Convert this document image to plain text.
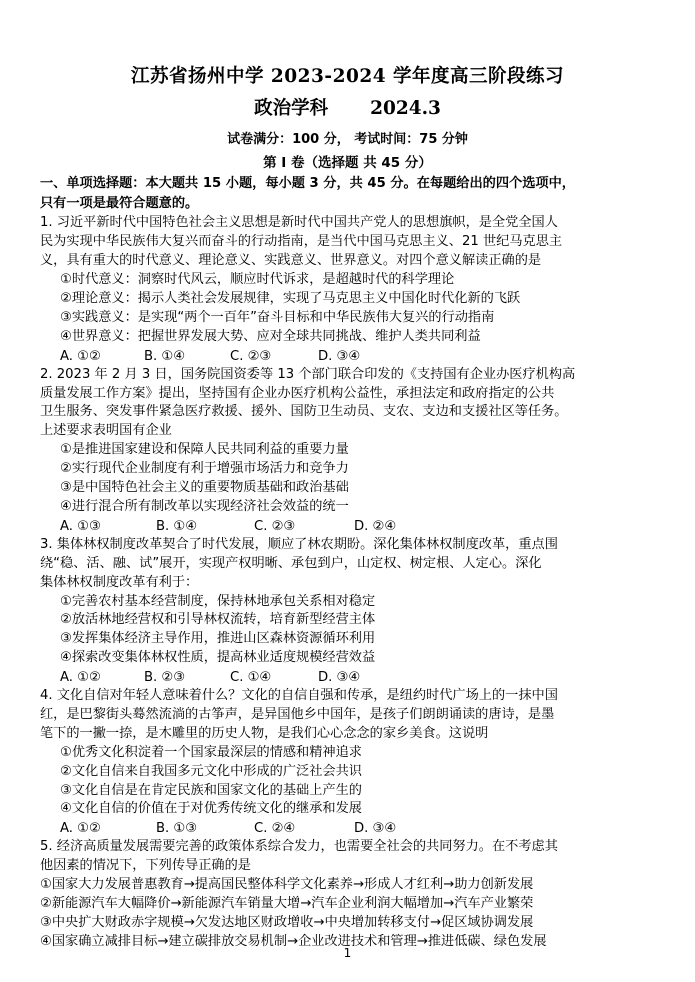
江苏省扬州中学 2023-2024 学年度高三阶段练习
政治学科 2024.3
试卷满分：100 分， 考试时间：75 分钟
第 Ⅰ 卷（选择题 共 45 分）
一、单项选择题：本大题共 15 小题，每小题 3 分，共 45 分。在每题给出的四个选项中，
只有一项是最符合题意的。

1. 习近平新时代中国特色社会主义思想是新时代中国共产党人的思想旗帜，是全党全国人

民为实现中华民族伟大复兴而奋斗的行动指南，是当代中国马克思主义、21 世纪马克思主

义，具有重大的时代意义、理论意义、实践意义、世界意义。对四个意义解读正确的是

①时代意义：洞察时代风云，顺应时代诉求，是超越时代的科学理论

②理论意义：揭示人类社会发展规律，实现了马克思主义中国化时代化新的飞跃

③实践意义：是实现“两个一百年”奋斗目标和中华民族伟大复兴的行动指南

④世界意义：把握世界发展大势、应对全球共同挑战、维护人类共同利益

A. ①②	B. ①④	C. ②③	D. ③④

2. 2023 年 2 月 3 日，国务院国资委等 13 个部门联合印发的《支持国有企业办医疗机构高

质量发展工作方案》提出，坚持国有企业办医疗机构公益性，承担法定和政府指定的公共

卫生服务、突发事件紧急医疗救援、援外、国防卫生动员、支农、支边和支援社区等任务。

上述要求表明国有企业

①是推进国家建设和保障人民共同利益的重要力量

②实行现代企业制度有利于增强市场活力和竞争力

③是中国特色社会主义的重要物质基础和政治基础

④进行混合所有制改革以实现经济社会效益的统一

A. ①③	B. ①④	C. ②③	D. ②④

3. 集体林权制度改革契合了时代发展，顺应了林农期盼。深化集体林权制度改革，重点围

绕“稳、活、融、试”展开，实现产权明晰、承包到户，山定权、树定根、人定心。深化

集体林权制度改革有利于：

①完善农村基本经营制度，保持林地承包关系相对稳定

②放活林地经营权和引导林权流转，培育新型经营主体

③发挥集体经济主导作用，推进山区森林资源循环利用

④探索改变集体林权性质，提高林业适度规模经营效益

A. ①②	B. ②③	C. ①④	D. ③④

4. 文化自信对年轻人意味着什么？文化的自信自强和传承，是纽约时代广场上的一抹中国

红，是巴黎街头蓦然流淌的古筝声，是异国他乡中国年，是孩子们朗朗诵读的唐诗，是墨

笔下的一撇一捺，是木雕里的历史人物，是我们心心念念的家乡美食。这说明

①优秀文化积淀着一个国家最深层的情感和精神追求

②文化自信来自我国多元文化中形成的广泛社会共识

③文化自信是在肯定民族和国家文化的基础上产生的

④文化自信的价值在于对优秀传统文化的继承和发展

A. ①②	B. ①③	C. ②④	D. ③④

5. 经济高质量发展需要完善的政策体系综合发力，也需要全社会的共同努力。在不考虑其

他因素的情况下，下列传导正确的是

①国家大力发展普惠教育→提高国民整体科学文化素养→形成人才红利→助力创新发展

②新能源汽车大幅降价→新能源汽车销量大增→汽车企业利润大幅增加→汽车产业繁荣

③中央扩大财政赤字规模→欠发达地区财政增收→中央增加转移支付→促区域协调发展

④国家确立减排目标→建立碳排放交易机制→企业改进技术和管理→推进低碳、绿色发展

1
